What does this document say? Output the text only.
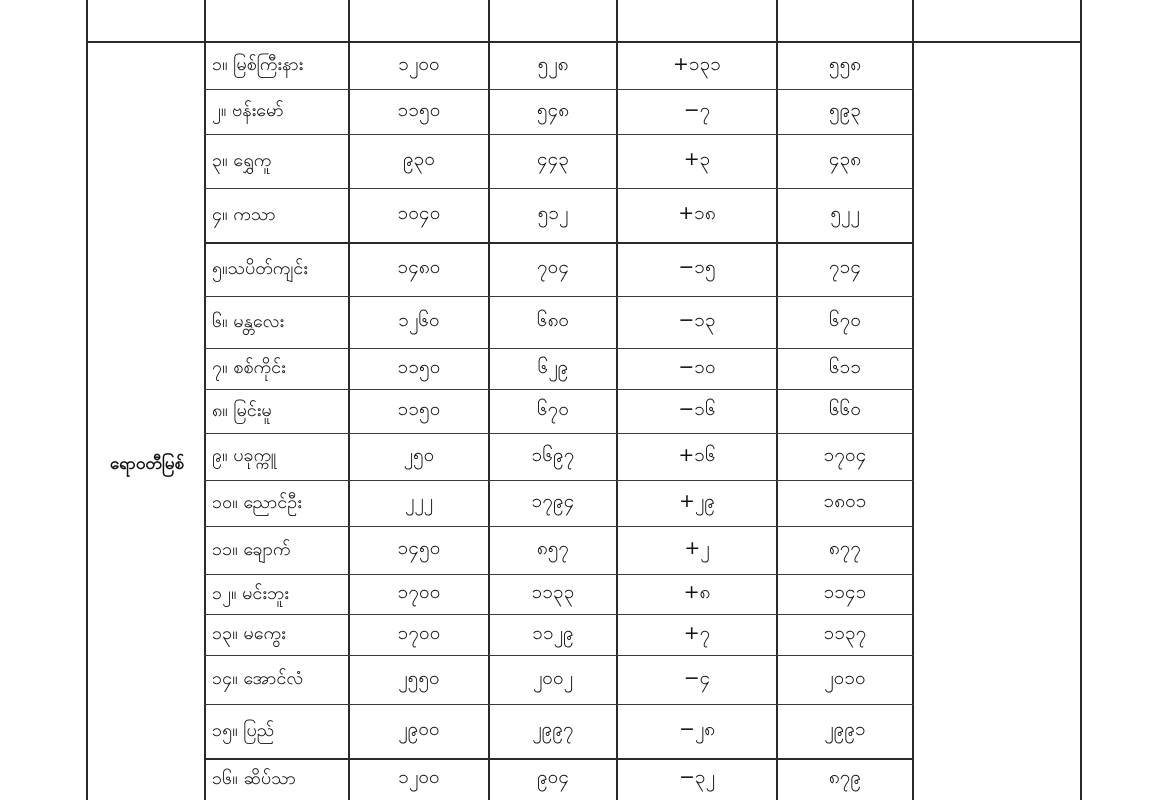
ရောဝတီမြစ်
၁။ မြစ်ကြီးနား	၁၂၀၀	၅၂၈	+၁၃၁	၅၅၈
၂။ ဗန်းမော်	၁၁၅၀	၅၄၈	−၇	၅၉၃
၃။ ရွှေကူ	၉၃၀	၄၄၃	+၃	၄၃၈
၄။ ကသာ	၁၀၄၀	၅၁၂	+၁၈	၅၂၂
၅။သပိတ်ကျင်း	၁၄၈၀	၇၀၄	−၁၅	၇၁၄
၆။ မန္တလေး	၁၂၆၀	၆၈၀	−၁၃	၆၇၀
၇။ စစ်ကိုင်း	၁၁၅၀	၆၂၉	−၁၀	၆၁၁
၈။ မြင်းမူ	၁၁၅၀	၆၇၀	−၁၆	၆၆၀
၉။ ပခုက္ကူ	၂၅၀	၁၆၉၇	+၁၆	၁၇၀၄
၁၀။ ညောင်ဦး	၂၂၂	၁၇၉၄	+၂၉	၁၈၀၁
၁၁။ ချောက်	၁၄၅၀	၈၅၇	+၂	၈၇၇
၁၂။ မင်းဘူး	၁၇၀၀	၁၁၃၃	+၈	၁၁၄၁
၁၃။ မကွေး	၁၇၀၀	၁၁၂၉	+၇	၁၁၃၇
၁၄။ အောင်လံ	၂၅၅၀	၂၀၀၂	−၄	၂၀၁၀
၁၅။ ပြည်	၂၉၀၀	၂၉၉၇	−၂၈	၂၉၉၁
၁၆။ ဆိပ်သာ	၁၂၀၀	၉၀၄	−၃၂	၈၇၉
